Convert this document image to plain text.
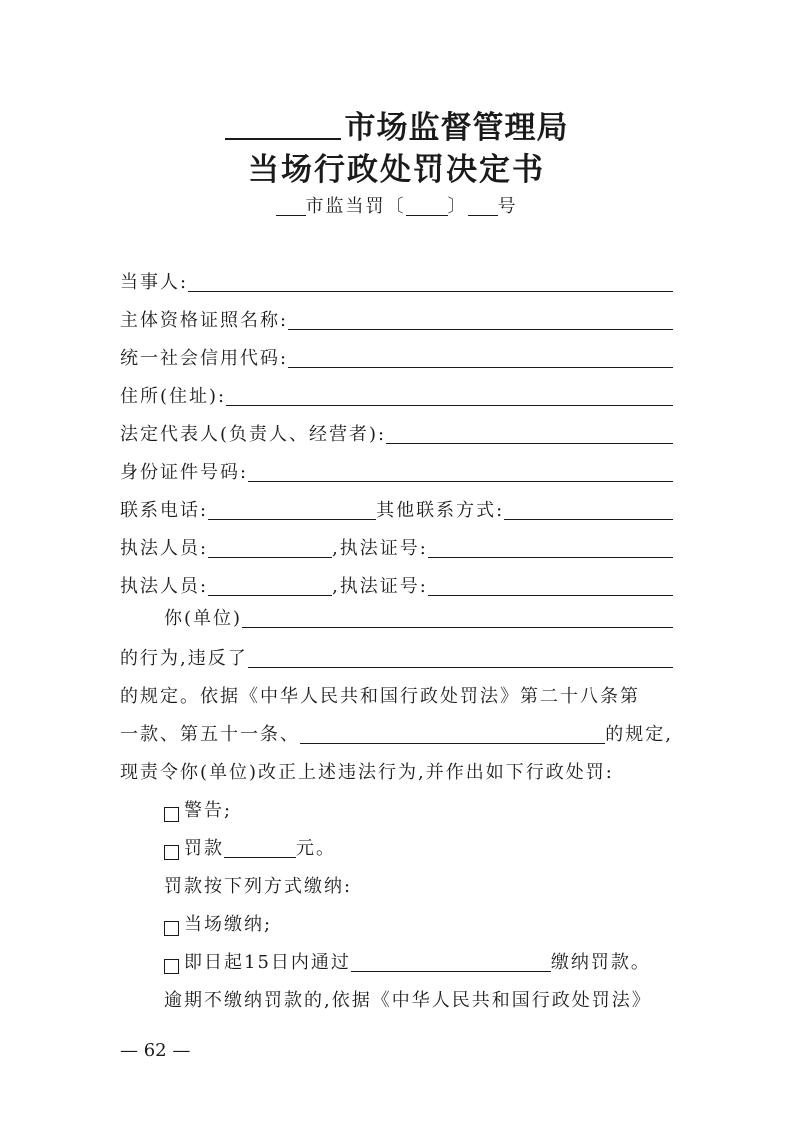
市场监督管理局
当场行政处罚决定书
市监当罚〔 〕 号
当事人:
主体资格证照名称:
统一社会信用代码:
住所(住址):
法定代表人(负责人、经营者):
身份证件号码:
联系电话:	其他联系方式:
执法人员:	,执法证号:
执法人员:	,执法证号:
你(单位)
的行为,违反了
的规定。依据《中华人民共和国行政处罚法》第二十八条第
一款、第五十一条、	的规定,
现责令你(单位)改正上述违法行为,并作出如下行政处罚:
警告;
罚款	元。
罚款按下列方式缴纳:
当场缴纳;
即日起15日内通过	缴纳罚款。
逾期不缴纳罚款的,依据《中华人民共和国行政处罚法》
— 62 —
